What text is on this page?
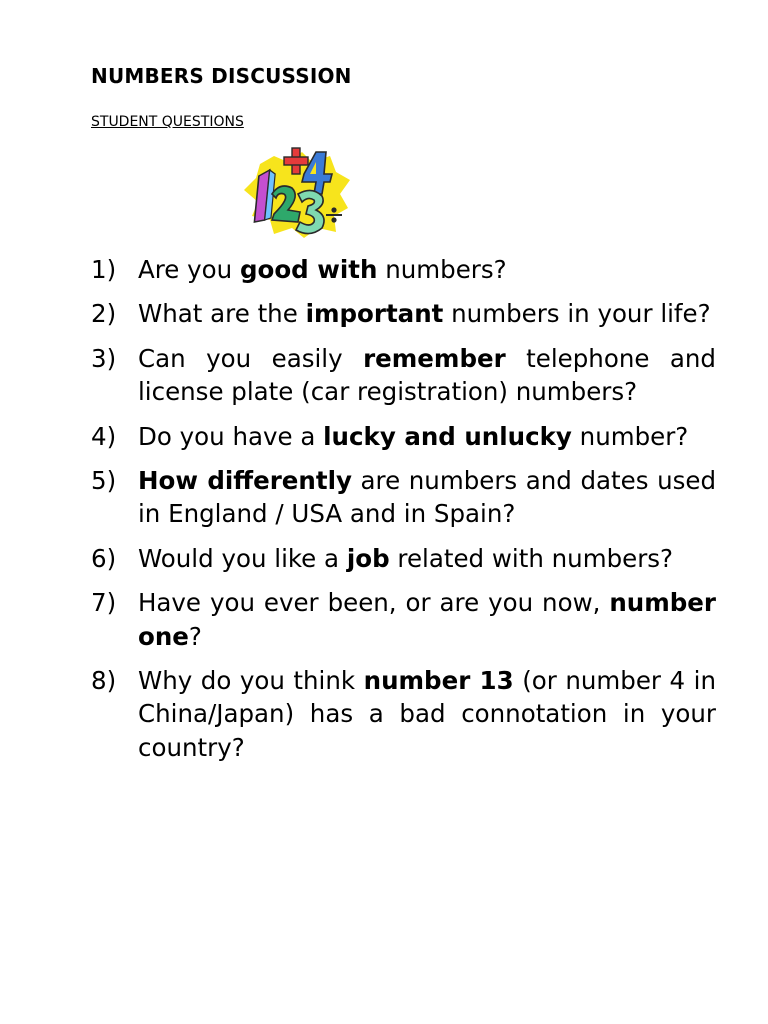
NUMBERS DISCUSSION
STUDENT QUESTIONS
1) Are you good with numbers?
2) What are the important numbers in your life?
3) Can you easily remember telephone and license plate (car registration) numbers?
4) Do you have a lucky and unlucky number?
5) How differently are numbers and dates used in England / USA and in Spain?
6) Would you like a job related with numbers?
7) Have you ever been, or are you now, number one?
8) Why do you think number 13 (or number 4 in China/Japan) has a bad connotation in your country?
